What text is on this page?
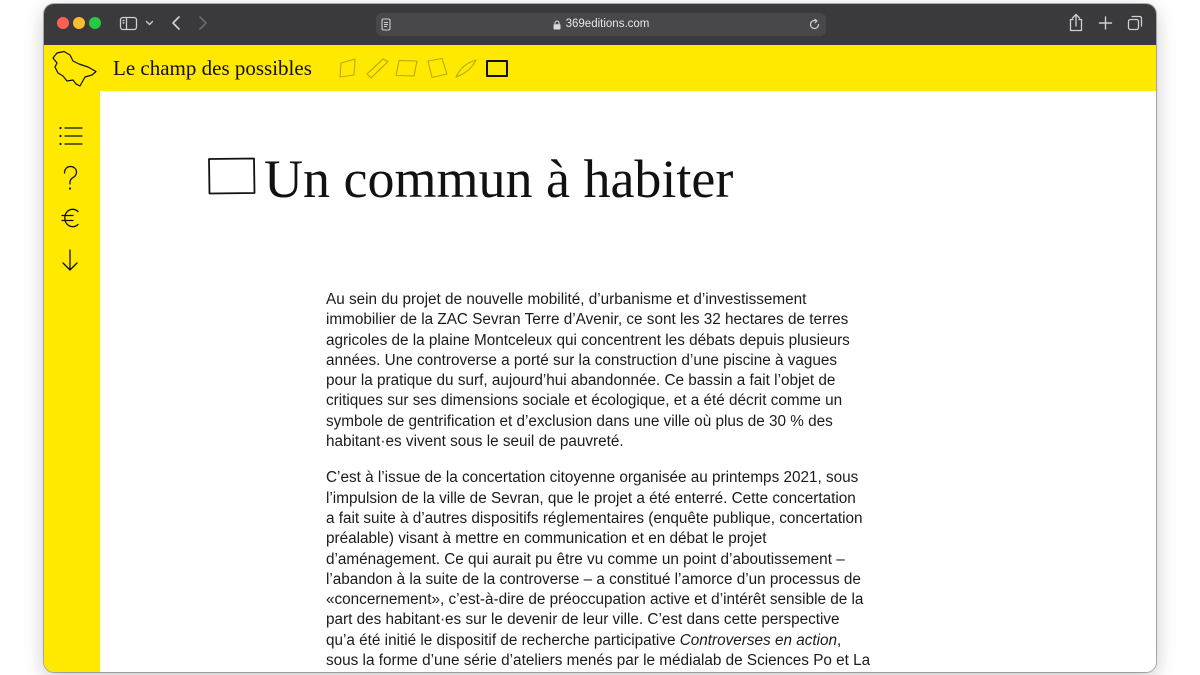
369editions.com
Le champ des possibles
Un commun à habiter
Au sein du projet de nouvelle mobilité, d’urbanisme et d’investissement
immobilier de la ZAC Sevran Terre d’Avenir, ce sont les 32 hectares de terres
agricoles de la plaine Montceleux qui concentrent les débats depuis plusieurs
années. Une controverse a porté sur la construction d’une piscine à vagues
pour la pratique du surf, aujourd’hui abandonnée. Ce bassin a fait l’objet de
critiques sur ses dimensions sociale et écologique, et a été décrit comme un
symbole de gentrification et d’exclusion dans une ville où plus de 30 % des
habitant·es vivent sous le seuil de pauvreté.
C’est à l’issue de la concertation citoyenne organisée au printemps 2021, sous
l’impulsion de la ville de Sevran, que le projet a été enterré. Cette concertation
a fait suite à d’autres dispositifs réglementaires (enquête publique, concertation
préalable) visant à mettre en communication et en débat le projet
d’aménagement. Ce qui aurait pu être vu comme un point d’aboutissement –
l’abandon à la suite de la controverse – a constitué l’amorce d’un processus de
«concernement», c’est-à-dire de préoccupation active et d’intérêt sensible de la
part des habitant·es sur le devenir de leur ville. C’est dans cette perspective
qu’a été initié le dispositif de recherche participative Controverses en action,
sous la forme d’une série d’ateliers menés par le médialab de Sciences Po et La
